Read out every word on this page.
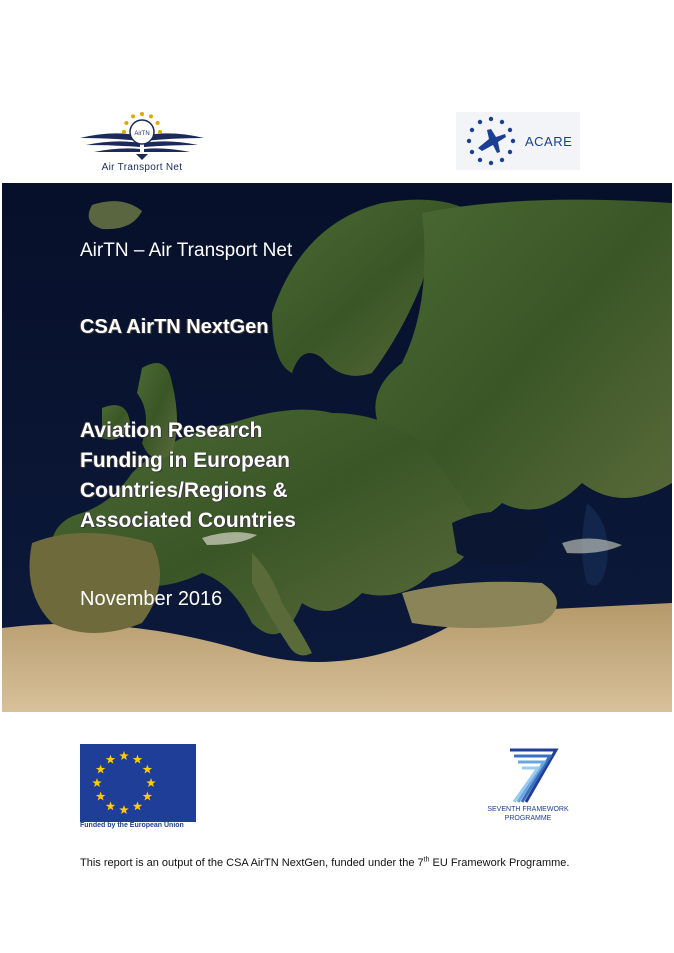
AirTN
Air Transport Net
ACARE
AirTN – Air Transport Net
CSA AirTN NextGen
Aviation Research
Funding in European
Countries/Regions &
Associated Countries
November 2016
Funded by the European Union
SEVENTH FRAMEWORK
PROGRAMME
This report is an output of the CSA AirTN NextGen, funded under the 7th EU Framework Programme.
